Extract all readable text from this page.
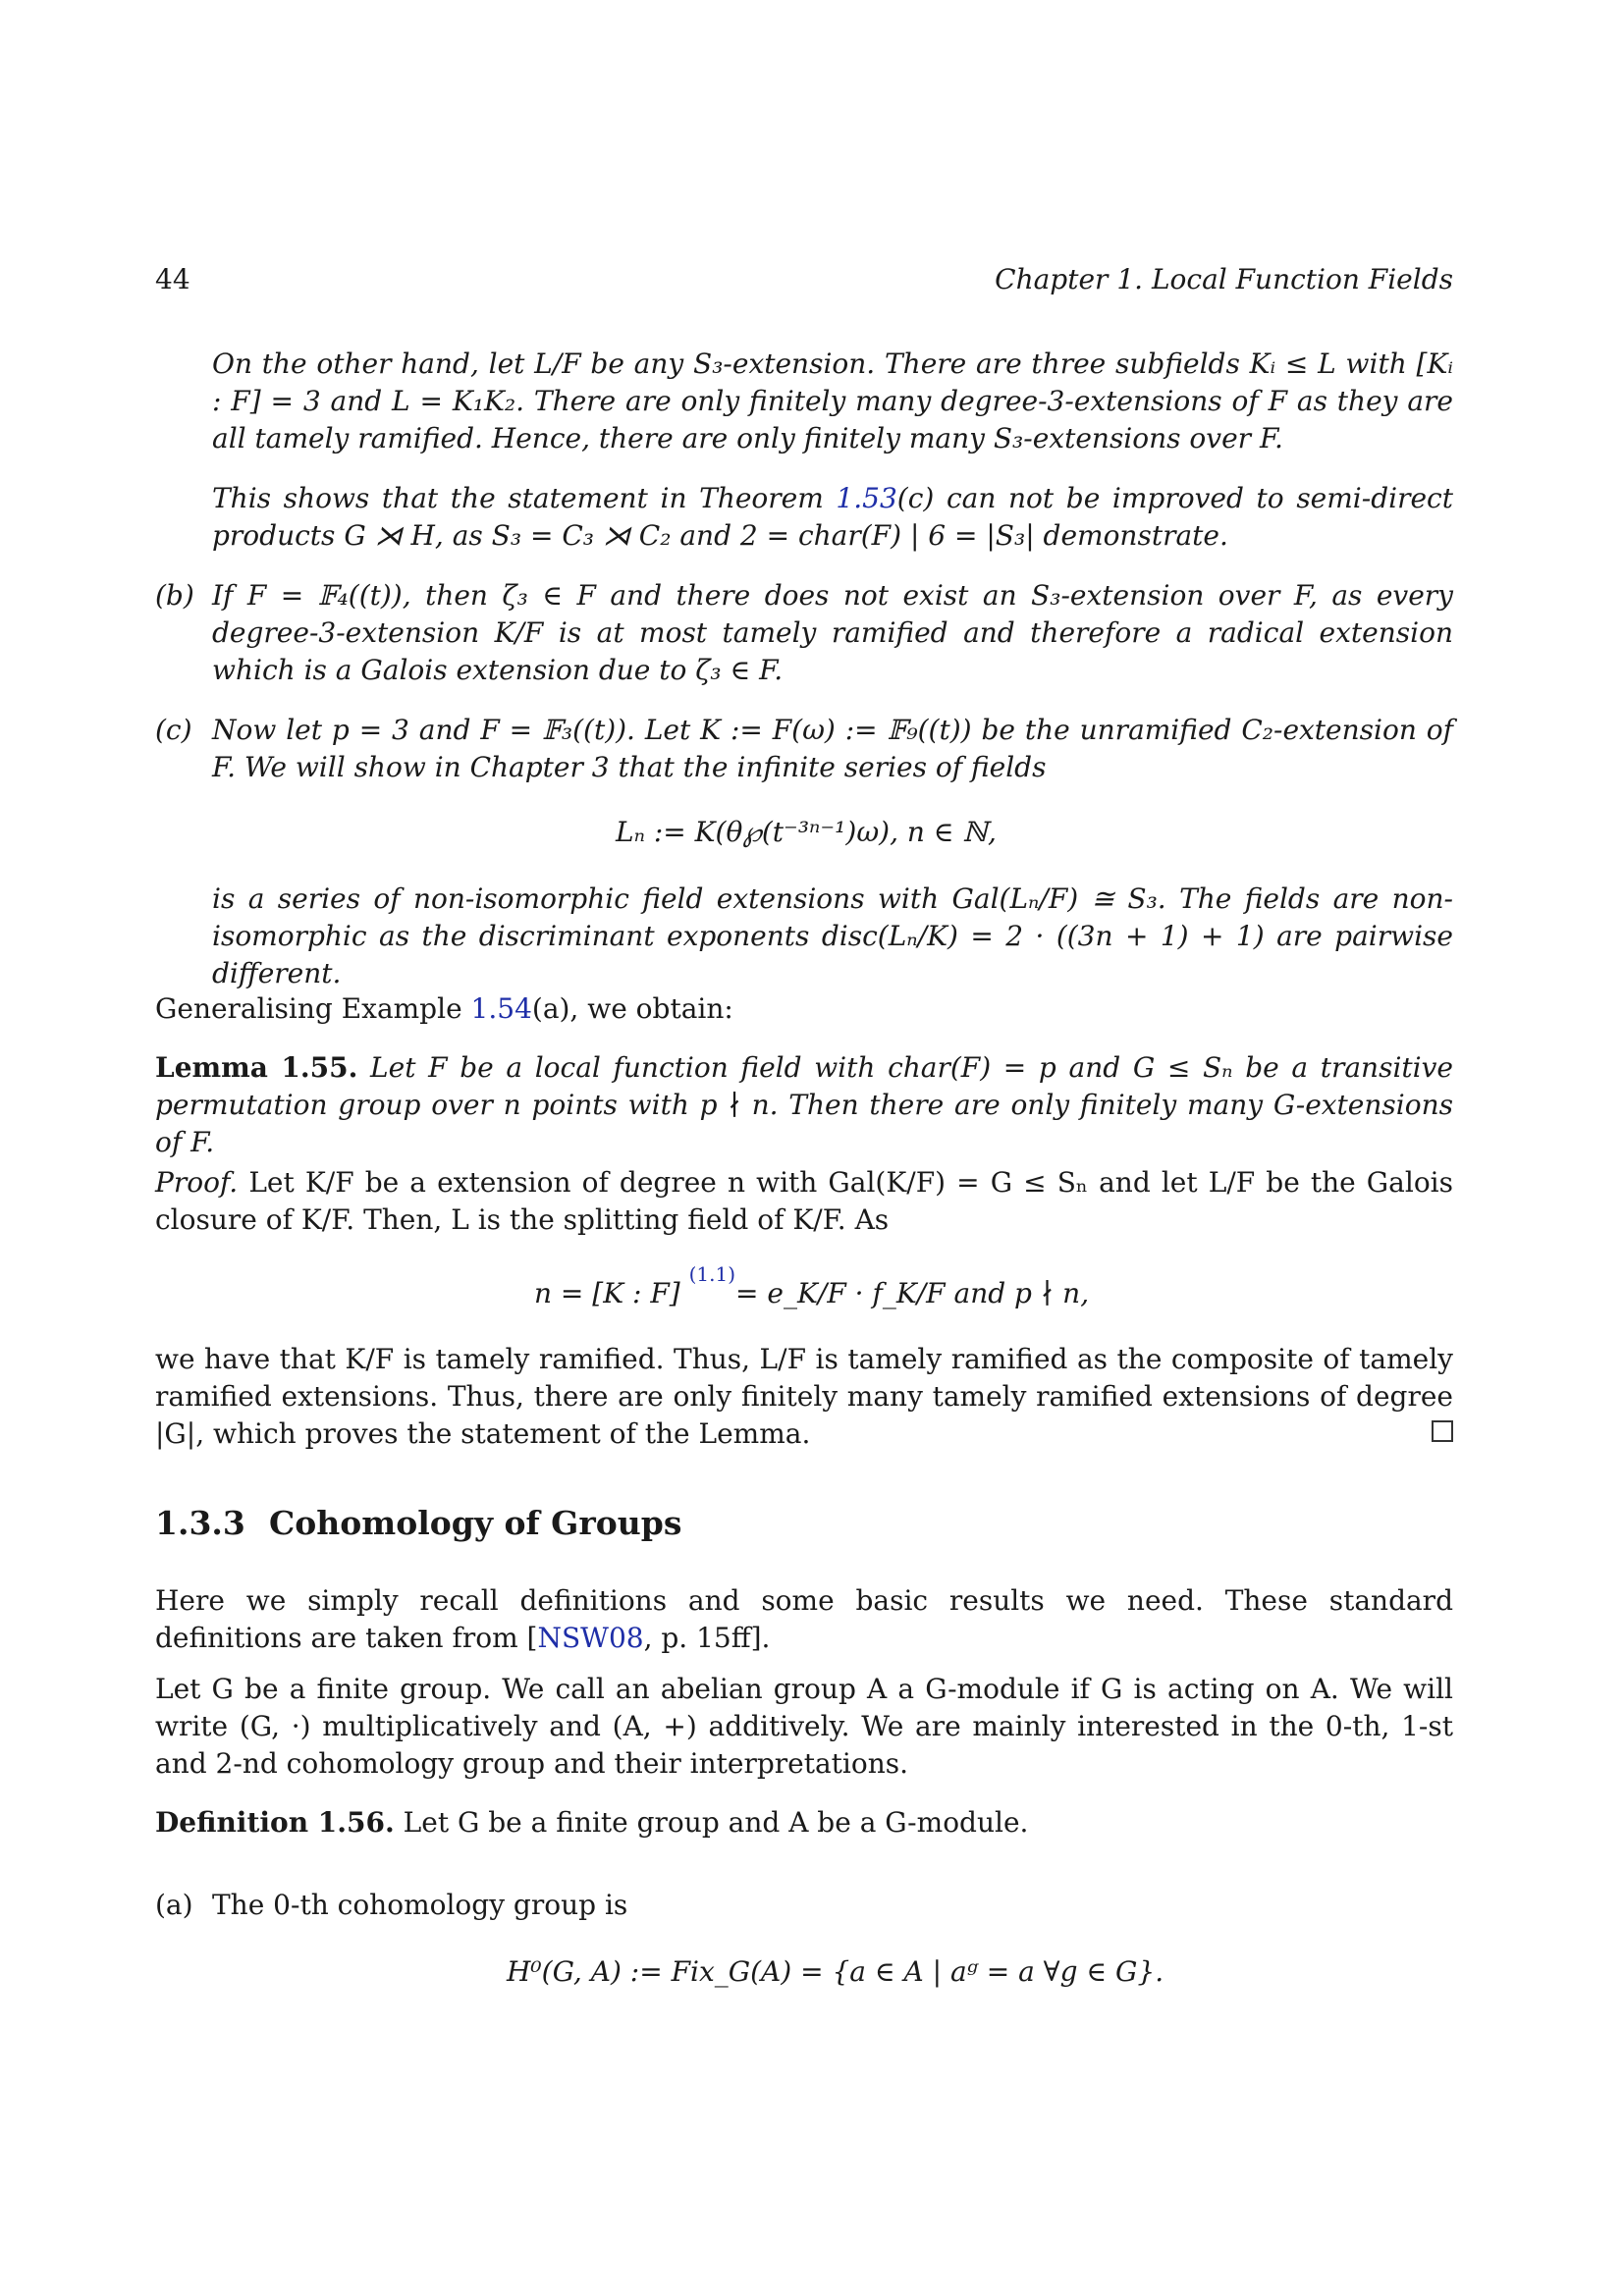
44	Chapter 1. Local Function Fields
On the other hand, let L/F be any S₃-extension. There are three subfields Kᵢ ≤ L with [Kᵢ : F] = 3 and L = K₁K₂. There are only finitely many degree-3-extensions of F as they are all tamely ramified. Hence, there are only finitely many S₃-extensions over F.
This shows that the statement in Theorem 1.53(c) can not be improved to semi-direct products G ⋊ H, as S₃ = C₃ ⋊ C₂ and 2 = char(F) | 6 = |S₃| demonstrate.
(b) If F = 𝔽₄((t)), then ζ₃ ∈ F and there does not exist an S₃-extension over F, as every degree-3-extension K/F is at most tamely ramified and therefore a radical extension which is a Galois extension due to ζ₃ ∈ F.
(c) Now let p = 3 and F = 𝔽₃((t)). Let K := F(ω) := 𝔽₉((t)) be the unramified C₂-extension of F. We will show in Chapter 3 that the infinite series of fields
Lₙ := K(θ℘(t⁻³ⁿ⁻¹)ω), n ∈ ℕ,
is a series of non-isomorphic field extensions with Gal(Lₙ/F) ≅ S₃. The fields are non-isomorphic as the discriminant exponents disc(Lₙ/K) = 2 · ((3n + 1) + 1) are pairwise different.
Generalising Example 1.54(a), we obtain:
Lemma 1.55. Let F be a local function field with char(F) = p and G ≤ Sₙ be a transitive permutation group over n points with p ∤ n. Then there are only finitely many G-extensions of F.
Proof. Let K/F be a extension of degree n with Gal(K/F) = G ≤ Sₙ and let L/F be the Galois closure of K/F. Then, L is the splitting field of K/F. As
n = [K : F] $^{(1.1)}$= e_K/F · f_K/F and p ∤ n,
we have that K/F is tamely ramified. Thus, L/F is tamely ramified as the composite of tamely ramified extensions. Thus, there are only finitely many tamely ramified extensions of degree |G|, which proves the statement of the Lemma.
1.3.3 Cohomology of Groups
Here we simply recall definitions and some basic results we need. These standard definitions are taken from [NSW08, p. 15ff].
Let G be a finite group. We call an abelian group A a G-module if G is acting on A. We will write (G, ·) multiplicatively and (A, +) additively. We are mainly interested in the 0-th, 1-st and 2-nd cohomology group and their interpretations.
Definition 1.56. Let G be a finite group and A be a G-module.
(a) The 0-th cohomology group is
H⁰(G, A) := Fix_G(A) = {a ∈ A | aᵍ = a ∀g ∈ G}.
